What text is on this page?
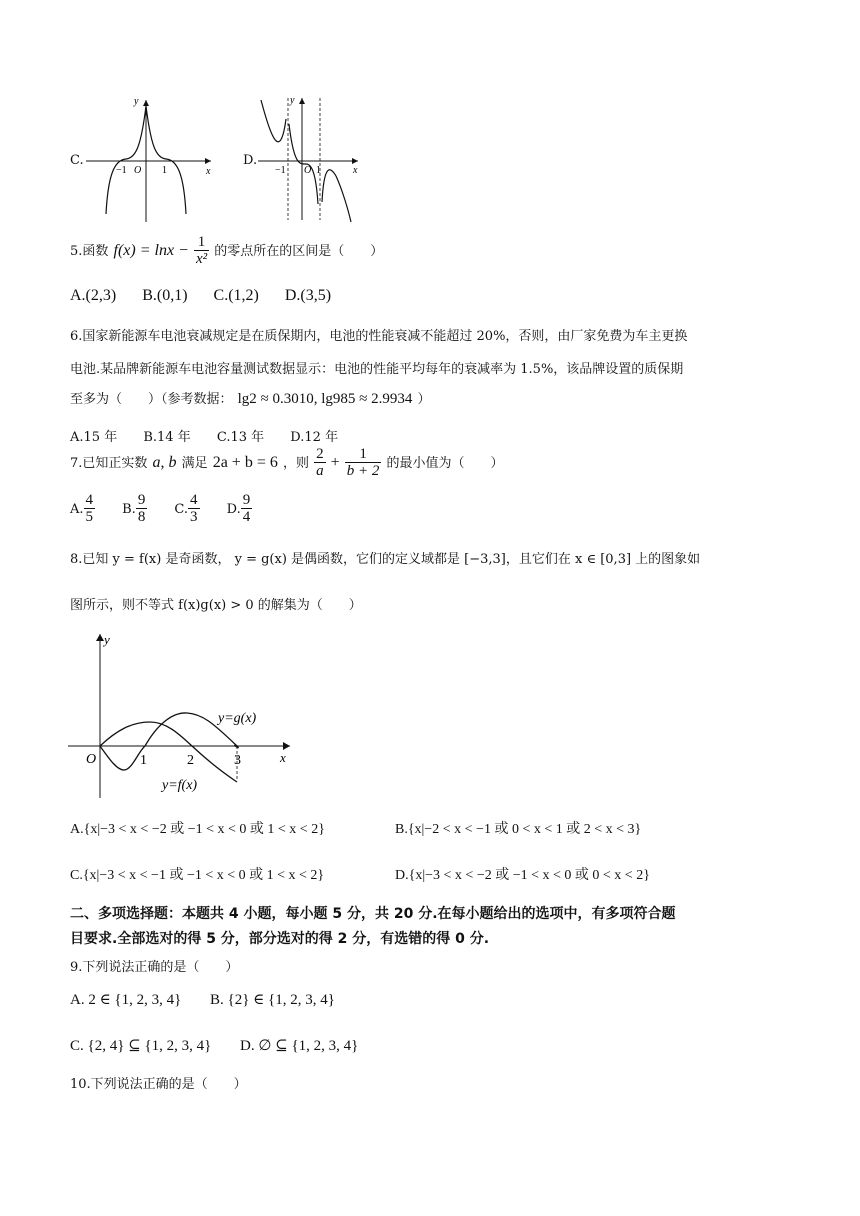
C.
y
x
O
−1	1
D.
y
x
O
−1	1
5.函数 $f(x) = \ln x - \frac{1}{\text{x²}}$ 的零点所在的区间是（　　）
A.(2,3) B.(0,1) C.(1,2) D.(3,5)
6.国家新能源车电池衰减规定是在质保期内，电池的性能衰减不能超过 20%，否则，由厂家免费为车主更换
电池.某品牌新能源车电池容量测试数据显示：电池的性能平均每年的衰减率为 1.5%，该品牌设置的质保期
至多为（　　）（参考数据： lg2 ≈ 0.3010, lg985 ≈ 2.9934 ）
A.15 年 B.14 年 C.13 年 D.12 年
7.已知正实数 a, b 满足 2a + b = 6 ，则 $\frac{2}{a} + \frac{1}{b + 2}$ 的最小值为（　　）
A. $\frac{4}{5} B$. $\frac{9}{8} C$. $\frac{4}{3} D$. $\frac{9}{4}$
8.已知 y = f(x) 是奇函数， y = g(x) 是偶函数，它们的定义域都是 [−3,3]，且它们在 x ∈ [0,3] 上的图象如
图所示，则不等式 f(x)g(x) > 0 的解集为（　　）
y
x
O	1	2	3
y=g(x)
y=f(x)
A.{x|−3 < x < −2 或 −1 < x < 0 或 1 < x < 2}	B.{x|−2 < x < −1 或 0 < x < 1 或 2 < x < 3}
C.{x|−3 < x < −1 或 −1 < x < 0 或 1 < x < 2}	D.{x|−3 < x < −2 或 −1 < x < 0 或 0 < x < 2}
二、多项选择题：本题共 4 小题，每小题 5 分，共 20 分.在每小题给出的选项中，有多项符合题
目要求.全部选对的得 5 分，部分选对的得 2 分，有选错的得 0 分.
9.下列说法正确的是（　　）
A. 2 ∈ {1, 2, 3, 4} B. {2} ∈ {1, 2, 3, 4}
C. {2, 4} ⊆ {1, 2, 3, 4} D. ∅ ⊆ {1, 2, 3, 4}
10.下列说法正确的是（　　）
